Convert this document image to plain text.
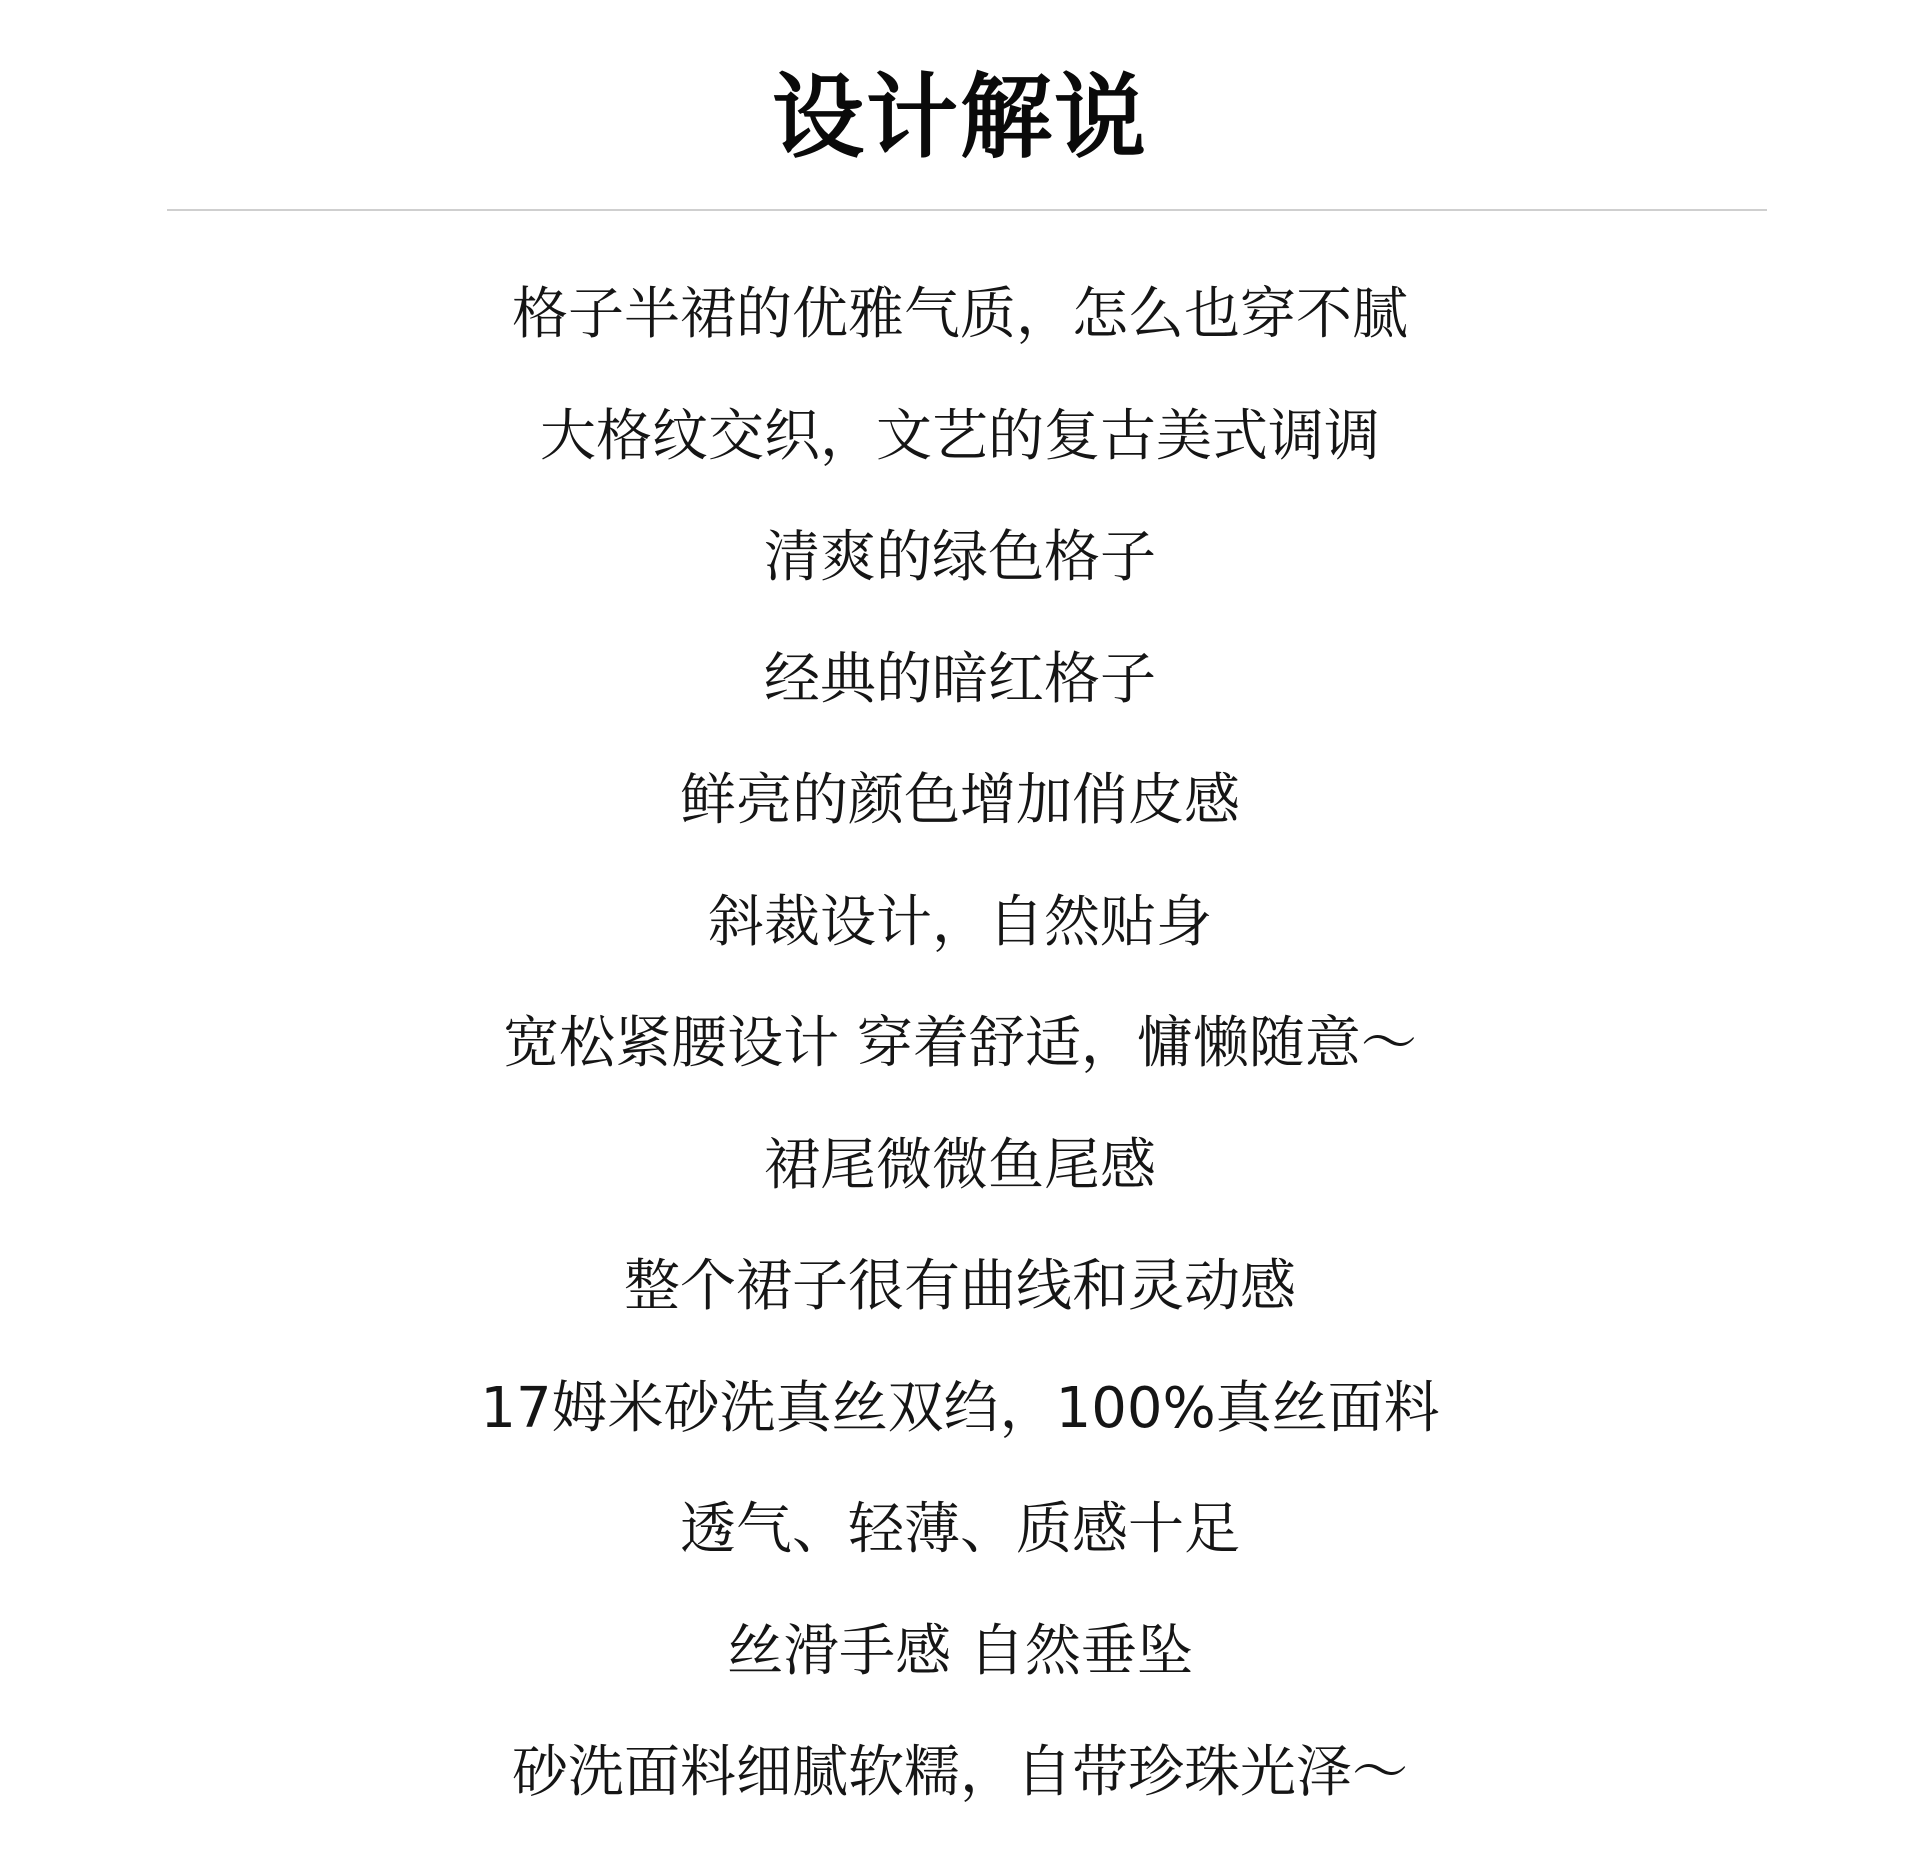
设计解说
格子半裙的优雅气质，怎么也穿不腻
大格纹交织，文艺的复古美式调调
清爽的绿色格子
经典的暗红格子
鲜亮的颜色增加俏皮感
斜裁设计，自然贴身
宽松紧腰设计 穿着舒适，慵懒随意～
裙尾微微鱼尾感
整个裙子很有曲线和灵动感
17姆米砂洗真丝双绉，100%真丝面料
透气、轻薄、质感十足
丝滑手感 自然垂坠
砂洗面料细腻软糯，自带珍珠光泽～
